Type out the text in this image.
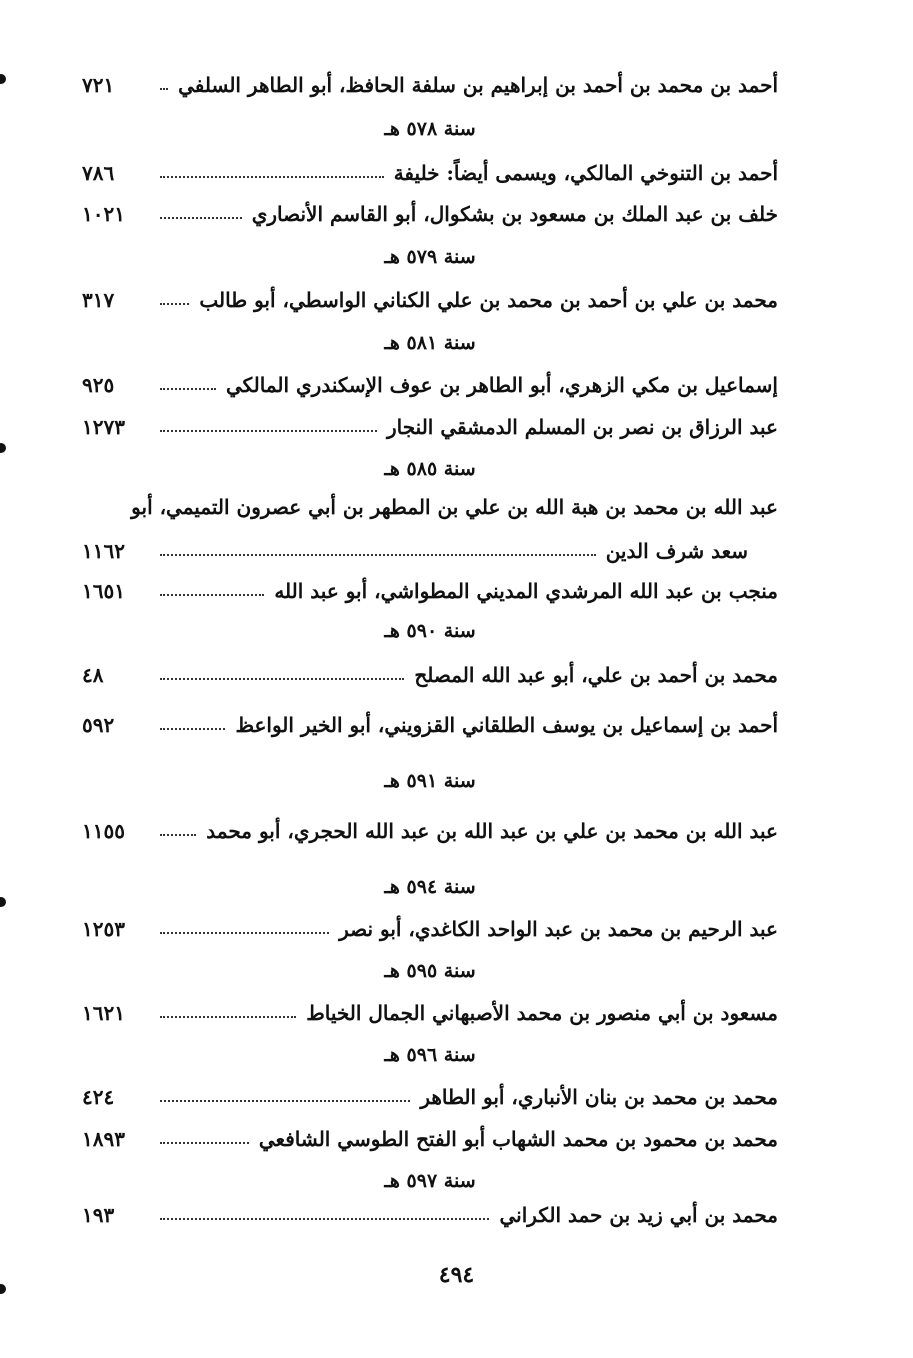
أحمد بن محمد بن أحمد بن إبراهيم بن سلفة الحافظ، أبو الطاهر السلفي
٧٢١
سنة ٥٧٨ هـ
أحمد بن التنوخي المالكي، ويسمى أيضاً: خليفة
٧٨٦
خلف بن عبد الملك بن مسعود بن بشكوال، أبو القاسم الأنصاري
١٠٢١
سنة ٥٧٩ هـ
محمد بن علي بن أحمد بن محمد بن علي الكناني الواسطي، أبو طالب
٣١٧
سنة ٥٨١ هـ
إسماعيل بن مكي الزهري، أبو الطاهر بن عوف الإسكندري المالكي
٩٢٥
عبد الرزاق بن نصر بن المسلم الدمشقي النجار
١٢٧٣
سنة ٥٨٥ هـ
عبد الله بن محمد بن هبة الله بن علي بن المطهر بن أبي عصرون التميمي، أبو
سعد شرف الدين
١١٦٢
منجب بن عبد الله المرشدي المديني المطواشي، أبو عبد الله
١٦٥١
سنة ٥٩٠ هـ
محمد بن أحمد بن علي، أبو عبد الله المصلح
٤٨
أحمد بن إسماعيل بن يوسف الطلقاني القزويني، أبو الخير الواعظ
٥٩٢
سنة ٥٩١ هـ
عبد الله بن محمد بن علي بن عبد الله بن عبد الله الحجري، أبو محمد
١١٥٥
سنة ٥٩٤ هـ
عبد الرحيم بن محمد بن عبد الواحد الكاغدي، أبو نصر
١٢٥٣
سنة ٥٩٥ هـ
مسعود بن أبي منصور بن محمد الأصبهاني الجمال الخياط
١٦٢١
سنة ٥٩٦ هـ
محمد بن محمد بن بنان الأنباري، أبو الطاهر
٤٢٤
محمد بن محمود بن محمد الشهاب أبو الفتح الطوسي الشافعي
١٨٩٣
سنة ٥٩٧ هـ
محمد بن أبي زيد بن حمد الكراني
١٩٣
٤٩٤
